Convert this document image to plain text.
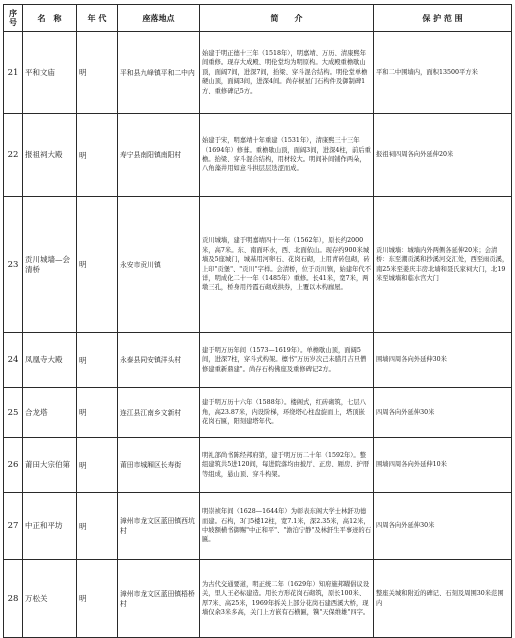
序号	名　称	年 代	座落地点	简　　介	保 护 范 围
21	平和文庙	明	平和县九峰镇平和二中内	始建于明正德十三年（1518年），明嘉靖、万历、清康熙年间重修。现存大成殿、明伦堂均为明原构。大成殿重檐歇山顶，面阔7间，进深7间，抬梁、穿斗混合结构。明伦堂单檐硬山顶，面阔3间，进深4间。尚存棂星门石构件及御制碑1方、重修碑记5方。	平和二中围墙内，面积13500平方米
22	报祖祠大殿	明	寿宁县南阳镇南阳村	始建于宋，明嘉靖十年重建（1531年），清康熙三十三年（1694年）修葺。重檐歇山顶，面阔3间，进深4柱，前后重檐。抬梁、穿斗混合结构，用材较大。明间补间铺作两朵，八角藻井用如意斗拱层层迭涩而成。	报祖祠四周各向外延伸20米
23	贡川城墙—会清桥	明	永安市贡川镇	贡川城墙，建于明嘉靖四十一年（1562年），原长约2000米，高7米。东、南面环水，西、北面依山。现存约900米城墙及5座城门，城基用河卵石、花岗石砌，上用青砖包砌，砖上印"贡堡"、"贡川"字样。会清桥，位于贡川镇，始建年代不详，明成化二十一年（1485年）重修。长41米，宽7米，两墩三孔，桥身用丹霞石砌成拱券，上覆以木构廊屋。	贡川城墙：城墙内外两侧各延伸20米；会清桥：东至潮贡溪和抄溪河交汇处，西至雨贡溪，南25米至姜庆丰房北墙和聂氏家祠大门，北19米至城墙和临水宫大门
24	凤凰寺大殿	明	永泰县同安镇洋头村	建于明万历年间（1573—1619年）。单檐歇山顶，面阔5间，进深7柱，穿斗式构架。檩书"万历岁次己未腊月吉旦僧修建重新鼎建"。尚存石构佛座及重修碑记2方。	围墙四周各向外延伸30米
25	合龙塔	明	连江县江南乡文新村	建于明万历十六年（1588年）。楼阁式，红砖砌筑，七层八角，高23.87米，内设阶梯，环绕塔心柱盘旋而上，塔顶嵌花岗石匾，阳刻建塔年代。	四周各向外延伸30米
26	莆田大宗伯第	明	莆田市城厢区长寿街	明礼部尚书陈经邦府第，建于明万历二十年（1592年）。整组建筑共5进120间，每进院落均由披厅、正房、厢房、护厝等组成，悬山顶、穿斗构架。	围墙四周各向外延伸10米
27	中正和平坊	明	漳州市龙文区蓝田镇西坑村	明崇祯年间（1628—1644年）为彰表东阁大学士林釬功德而建。石构，3门5楼12柱，宽7.1米，深2.35米，高12米，中坡额横书御赐"中正和平"、"澹泊宁静"及林釬生平事迹的石匾。	四周各向外延伸30米
28	万松关	明	漳州市龙文区蓝田镇梧桥村	为古代交通要道，明正统二年（1629年）知府施邦曜倡议设关，里人王必标建造。用长方形花岗石砌筑，原长100米、厚7米、高25米，1969年拆关上部分花岗石建西溪大桥，现墙仅余3米多高，关门上方嵌有石横匾，镌"天保维雄"四字。	整座关城和附近的碑记、石刻及周围30米范围内
